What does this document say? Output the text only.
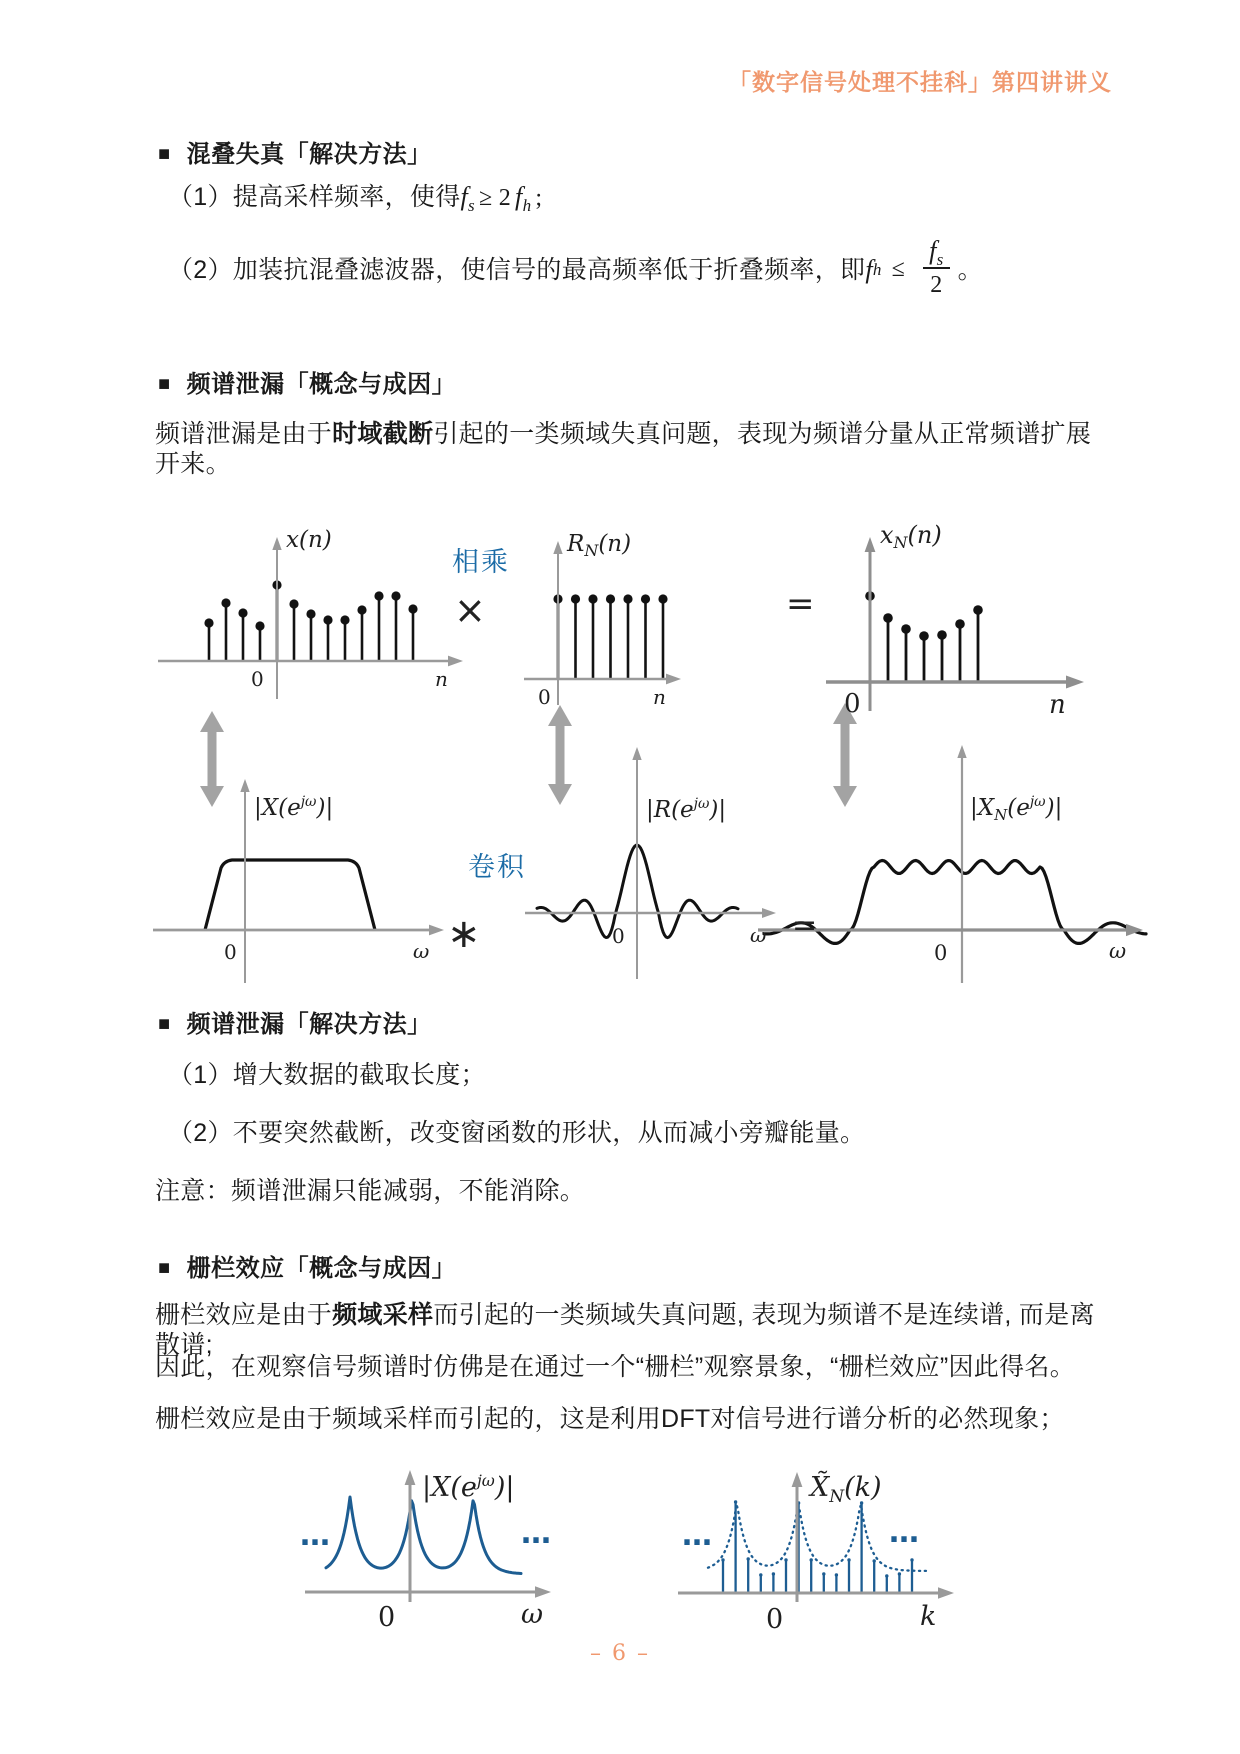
「数字信号处理不挂科」第四讲讲义
■ 混叠失真「解决方法」
（1）提高采样频率，使得$f_s \ge 2$ $f_h$ ;
（2）加装抗混叠滤波器，使信号的最高频率低于折叠频率，即 f $h \le \frac{f_s}{2}$ 。
■ 频谱泄漏「概念与成因」
频谱泄漏是由于时域截断引起的一类频域失真问题，表现为频谱分量从正常频谱扩展开来。
x(n)	$R_N(n)$	$x_N(n)$
相乘
×	=
0	n
0	n	0	n
$|X(e^{j\omega})|$	$|R(e^{j\omega})|$	$|X_N(e^{j\omega})|$
卷积
∗	=
0	ω
0	ω
0	ω
■ 频谱泄漏「解决方法」
（1）增大数据的截取长度；
（2）不要突然截断，改变窗函数的形状，从而减小旁瓣能量。
注意：频谱泄漏只能减弱，不能消除。
■ 栅栏效应「概念与成因」
栅栏效应是由于频域采样而引起的一类频域失真问题, 表现为频谱不是连续谱, 而是离散谱;
因此，在观察信号频谱时仿佛是在通过一个“栅栏”观察景象，“栅栏效应”因此得名。
栅栏效应是由于频域采样而引起的，这是利用DFT对信号进行谱分析的必然现象；
$|X(e^{j\omega})|$	$X̃_N(k)$
…	…	…	…
0	ω	0	k
– 6 –
